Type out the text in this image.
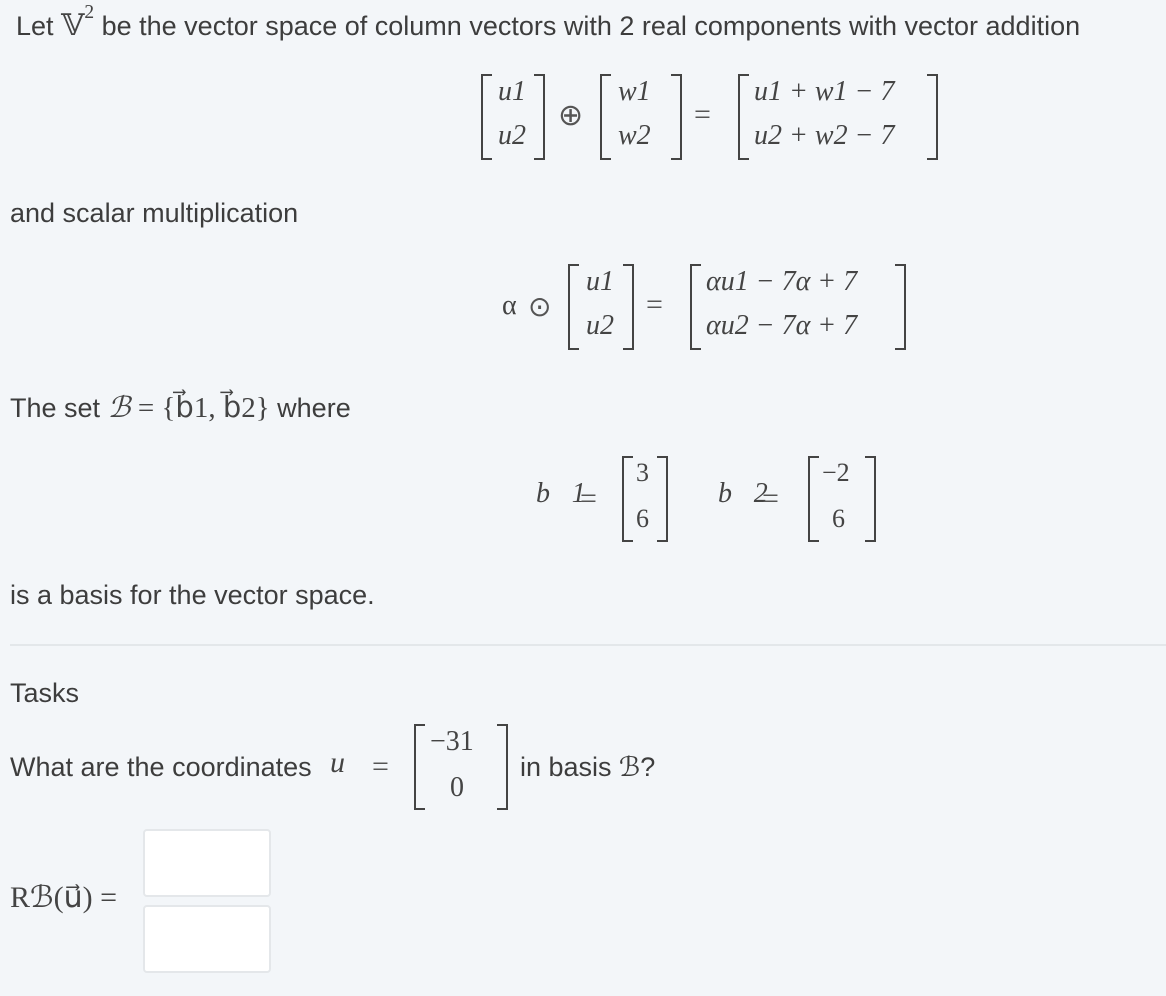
Let 𝕍$^2$ be the vector space of column vectors with 2 real components with vector addition
u1
u2
⊕
w1
w2
=
u1 + w1 − 7
u2 + w2 − 7
and scalar multiplication
α ⊙
u1
u2
=
αu1 − 7α + 7
αu2 − 7α + 7
The set ℬ = {b⃗1, b⃗2} where
b⃗1
=
3
6
b⃗2
=
−2
6
is a basis for the vector space.
Tasks
What are the coordinates u⃗ =
−31
0
in basis ℬ?
Rℬ(u⃗) =
